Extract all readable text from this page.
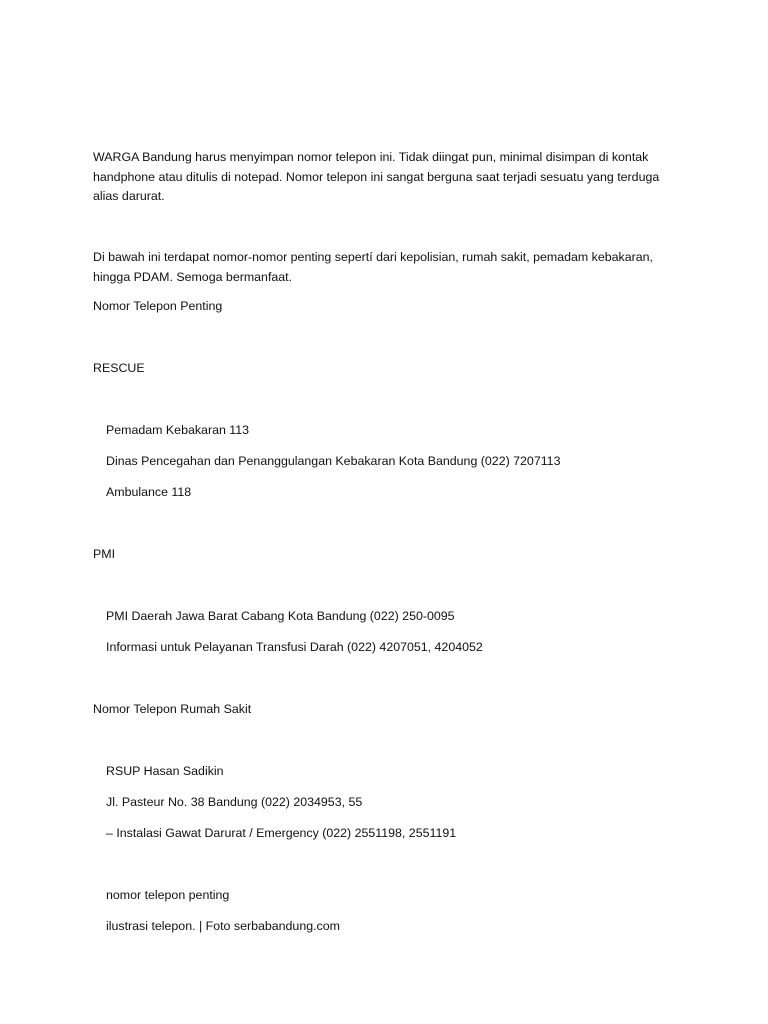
WARGA Bandung harus menyimpan nomor telepon ini. Tidak diingat pun, minimal disimpan di kontak handphone atau ditulis di notepad. Nomor telepon ini sangat berguna saat terjadi sesuatu yang terduga alias darurat.
Di bawah ini terdapat nomor-nomor penting sepertí dari kepolisian, rumah sakit, pemadam kebakaran, hingga PDAM. Semoga bermanfaat.
Nomor Telepon Penting
RESCUE
Pemadam Kebakaran 113
Dinas Pencegahan dan Penanggulangan Kebakaran Kota Bandung (022) 7207113
Ambulance 118
PMI
PMI Daerah Jawa Barat Cabang Kota Bandung (022) 250-0095
Informasi untuk Pelayanan Transfusi Darah (022) 4207051, 4204052
Nomor Telepon Rumah Sakit
RSUP Hasan Sadikin
Jl. Pasteur No. 38 Bandung (022) 2034953, 55
– Instalasi Gawat Darurat / Emergency (022) 2551198, 2551191
nomor telepon penting
ilustrasi telepon. | Foto serbabandung.com
